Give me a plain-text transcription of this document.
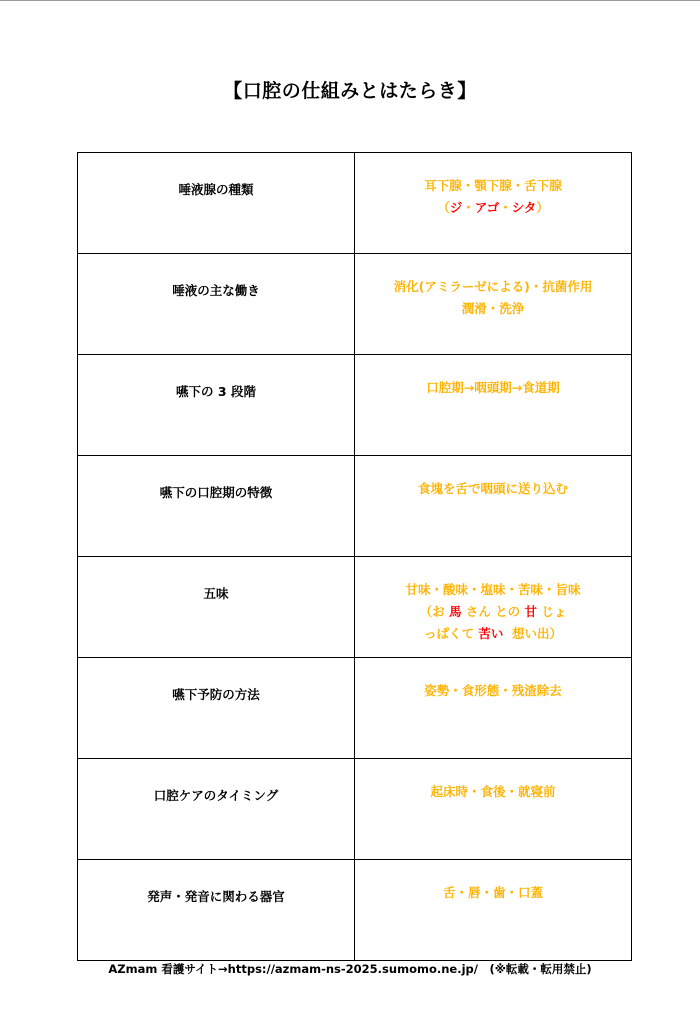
【口腔の仕組みとはたらき】
唾液腺の種類	耳下腺・顎下腺・舌下腺
（ジ・アゴ・シタ）

唾液の主な働き	消化(アミラーゼによる)・抗菌作用
潤滑・洗浄

嚥下の 3 段階	口腔期→咽頭期→食道期

嚥下の口腔期の特徴	食塊を舌で咽頭に送り込む

五味	甘味・酸味・塩味・苦味・旨味
（お 馬 さん との 甘 じょ
っぱくて 苦い  想い出）

嚥下予防の方法	姿勢・食形態・残渣除去

口腔ケアのタイミング	起床時・食後・就寝前

発声・発音に関わる器官	舌・唇・歯・口蓋
AZmam 看護サイト→https://azmam-ns-2025.sumomo.ne.jp/　(※転載・転用禁止)
